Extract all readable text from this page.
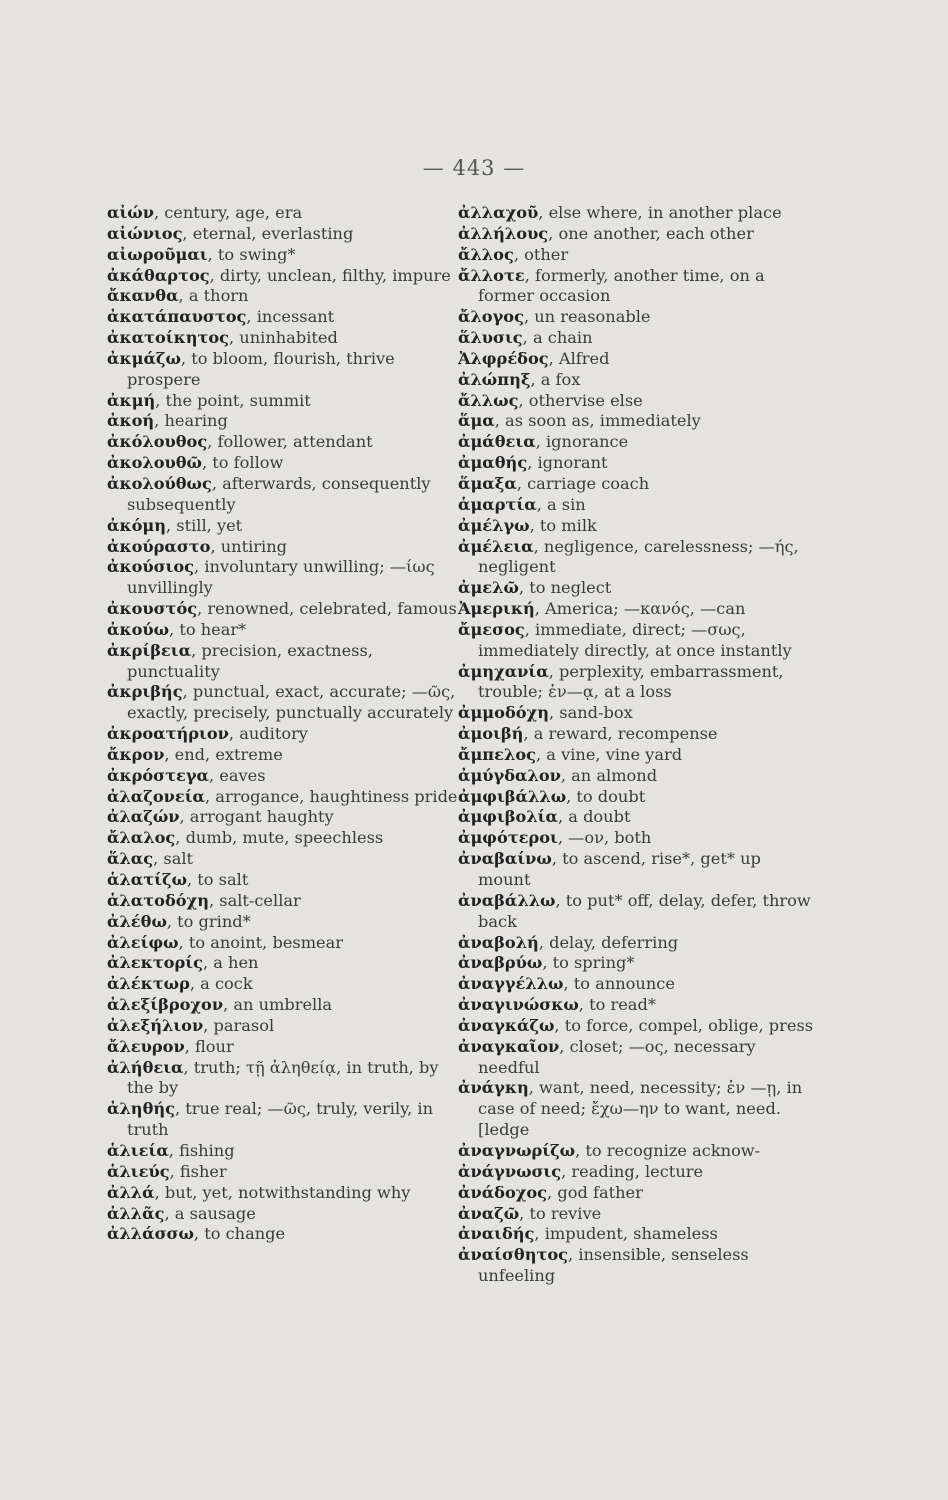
— 443 —

αἰών, century, age, era

αἰώνιος, eternal, everlasting

αἰωροῦμαι, to swing*

ἀκάθαρτος, dirty, unclean, filthy, impure

ἄκανθα, a thorn

ἀκατάπαυστος, incessant

ἀκατοίκητος, uninhabited

ἀκμάζω, to bloom, flourish, thrive prospere

ἀκμή, the point, summit

ἀκοή, hearing

ἀκόλουθος, follower, attendant

ἀκολουθῶ, to follow

ἀκολούθως, afterwards, consequently subsequently

ἀκόμη, still, yet

ἀκούραστο, untiring

ἀκούσιος, involuntary unwilling; —ίως unvillingly

ἀκουστός, renowned, celebrated, famous

ἀκούω, to hear*

ἀκρίβεια, precision, exactness, punctuality

ἀκριβής, punctual, exact, accurate; —ῶς, exactly, precisely, punctually accurately

ἀκροατήριον, auditory

ἄκρον, end, extreme

ἀκρόστεγα, eaves

ἀλαζονεία, arrogance, haughtiness pride

ἀλαζών, arrogant haughty

ἄλαλος, dumb, mute, speechless

ἅλας, salt

ἁλατίζω, to salt

ἁλατοδόχη, salt-cellar

ἀλέθω, to grind*

ἀλείφω, to anoint, besmear

ἀλεκτορίς, a hen

ἀλέκτωρ, a cock

ἀλεξίβροχον, an umbrella

ἀλεξήλιον, parasol

ἄλευρον, flour

ἀλήθεια, truth; τῇ ἀληθείᾳ, in truth, by the by

ἀληθής, true real; —ῶς, truly, verily, in truth

ἁλιεία, fishing

ἁλιεύς, fisher

ἀλλά, but, yet, notwithstanding why

ἀλλᾶς, a sausage

ἀλλάσσω, to change

ἀλλαχοῦ, else where, in another place

ἀλλήλους, one another, each other

ἄλλος, other

ἄλλοτε, formerly, another time, on a former occasion

ἄλογος, un reasonable

ἅλυσις, a chain

Ἀλφρέδος, Alfred

ἀλώπηξ, a fox

ἄλλως, othervise else

ἅμα, as soon as, immediately

ἀμάθεια, ignorance

ἀμαθής, ignorant

ἅμαξα, carriage coach

ἁμαρτία, a sin

ἀμέλγω, to milk

ἀμέλεια, negligence, carelessness; —ής, negligent

ἀμελῶ, to neglect

Ἀμερική, America; —κανός, —can

ἄμεσος, immediate, direct; —σως, immediately directly, at once instantly

ἀμηχανία, perplexity, embarrassment, trouble; ἐν—ᾳ, at a loss

ἀμμοδόχη, sand-box

ἀμοιβή, a reward, recompense

ἄμπελος, a vine, vine yard

ἀμύγδαλον, an almond

ἀμφιβάλλω, to doubt

ἀμφιβολία, a doubt

ἀμφότεροι, —ον, both

ἀναβαίνω, to ascend, rise*, get* up mount

ἀναβάλλω, to put* off, delay, defer, throw back

ἀναβολή, delay, deferring

ἀναβρύω, to spring*

ἀναγγέλλω, to announce

ἀναγινώσκω, to read*

ἀναγκάζω, to force, compel, oblige, press

ἀναγκαῖον, closet; —ος, necessary needful

ἀνάγκη, want, need, necessity; ἐν —ῃ, in case of need; ἔχω—ην to want, need. [ledge

ἀναγνωρίζω, to recognize acknow-

ἀνάγνωσις, reading, lecture

ἀνάδοχος, god father

ἀναζῶ, to revive

ἀναιδής, impudent, shameless

ἀναίσθητος, insensible, senseless unfeeling
